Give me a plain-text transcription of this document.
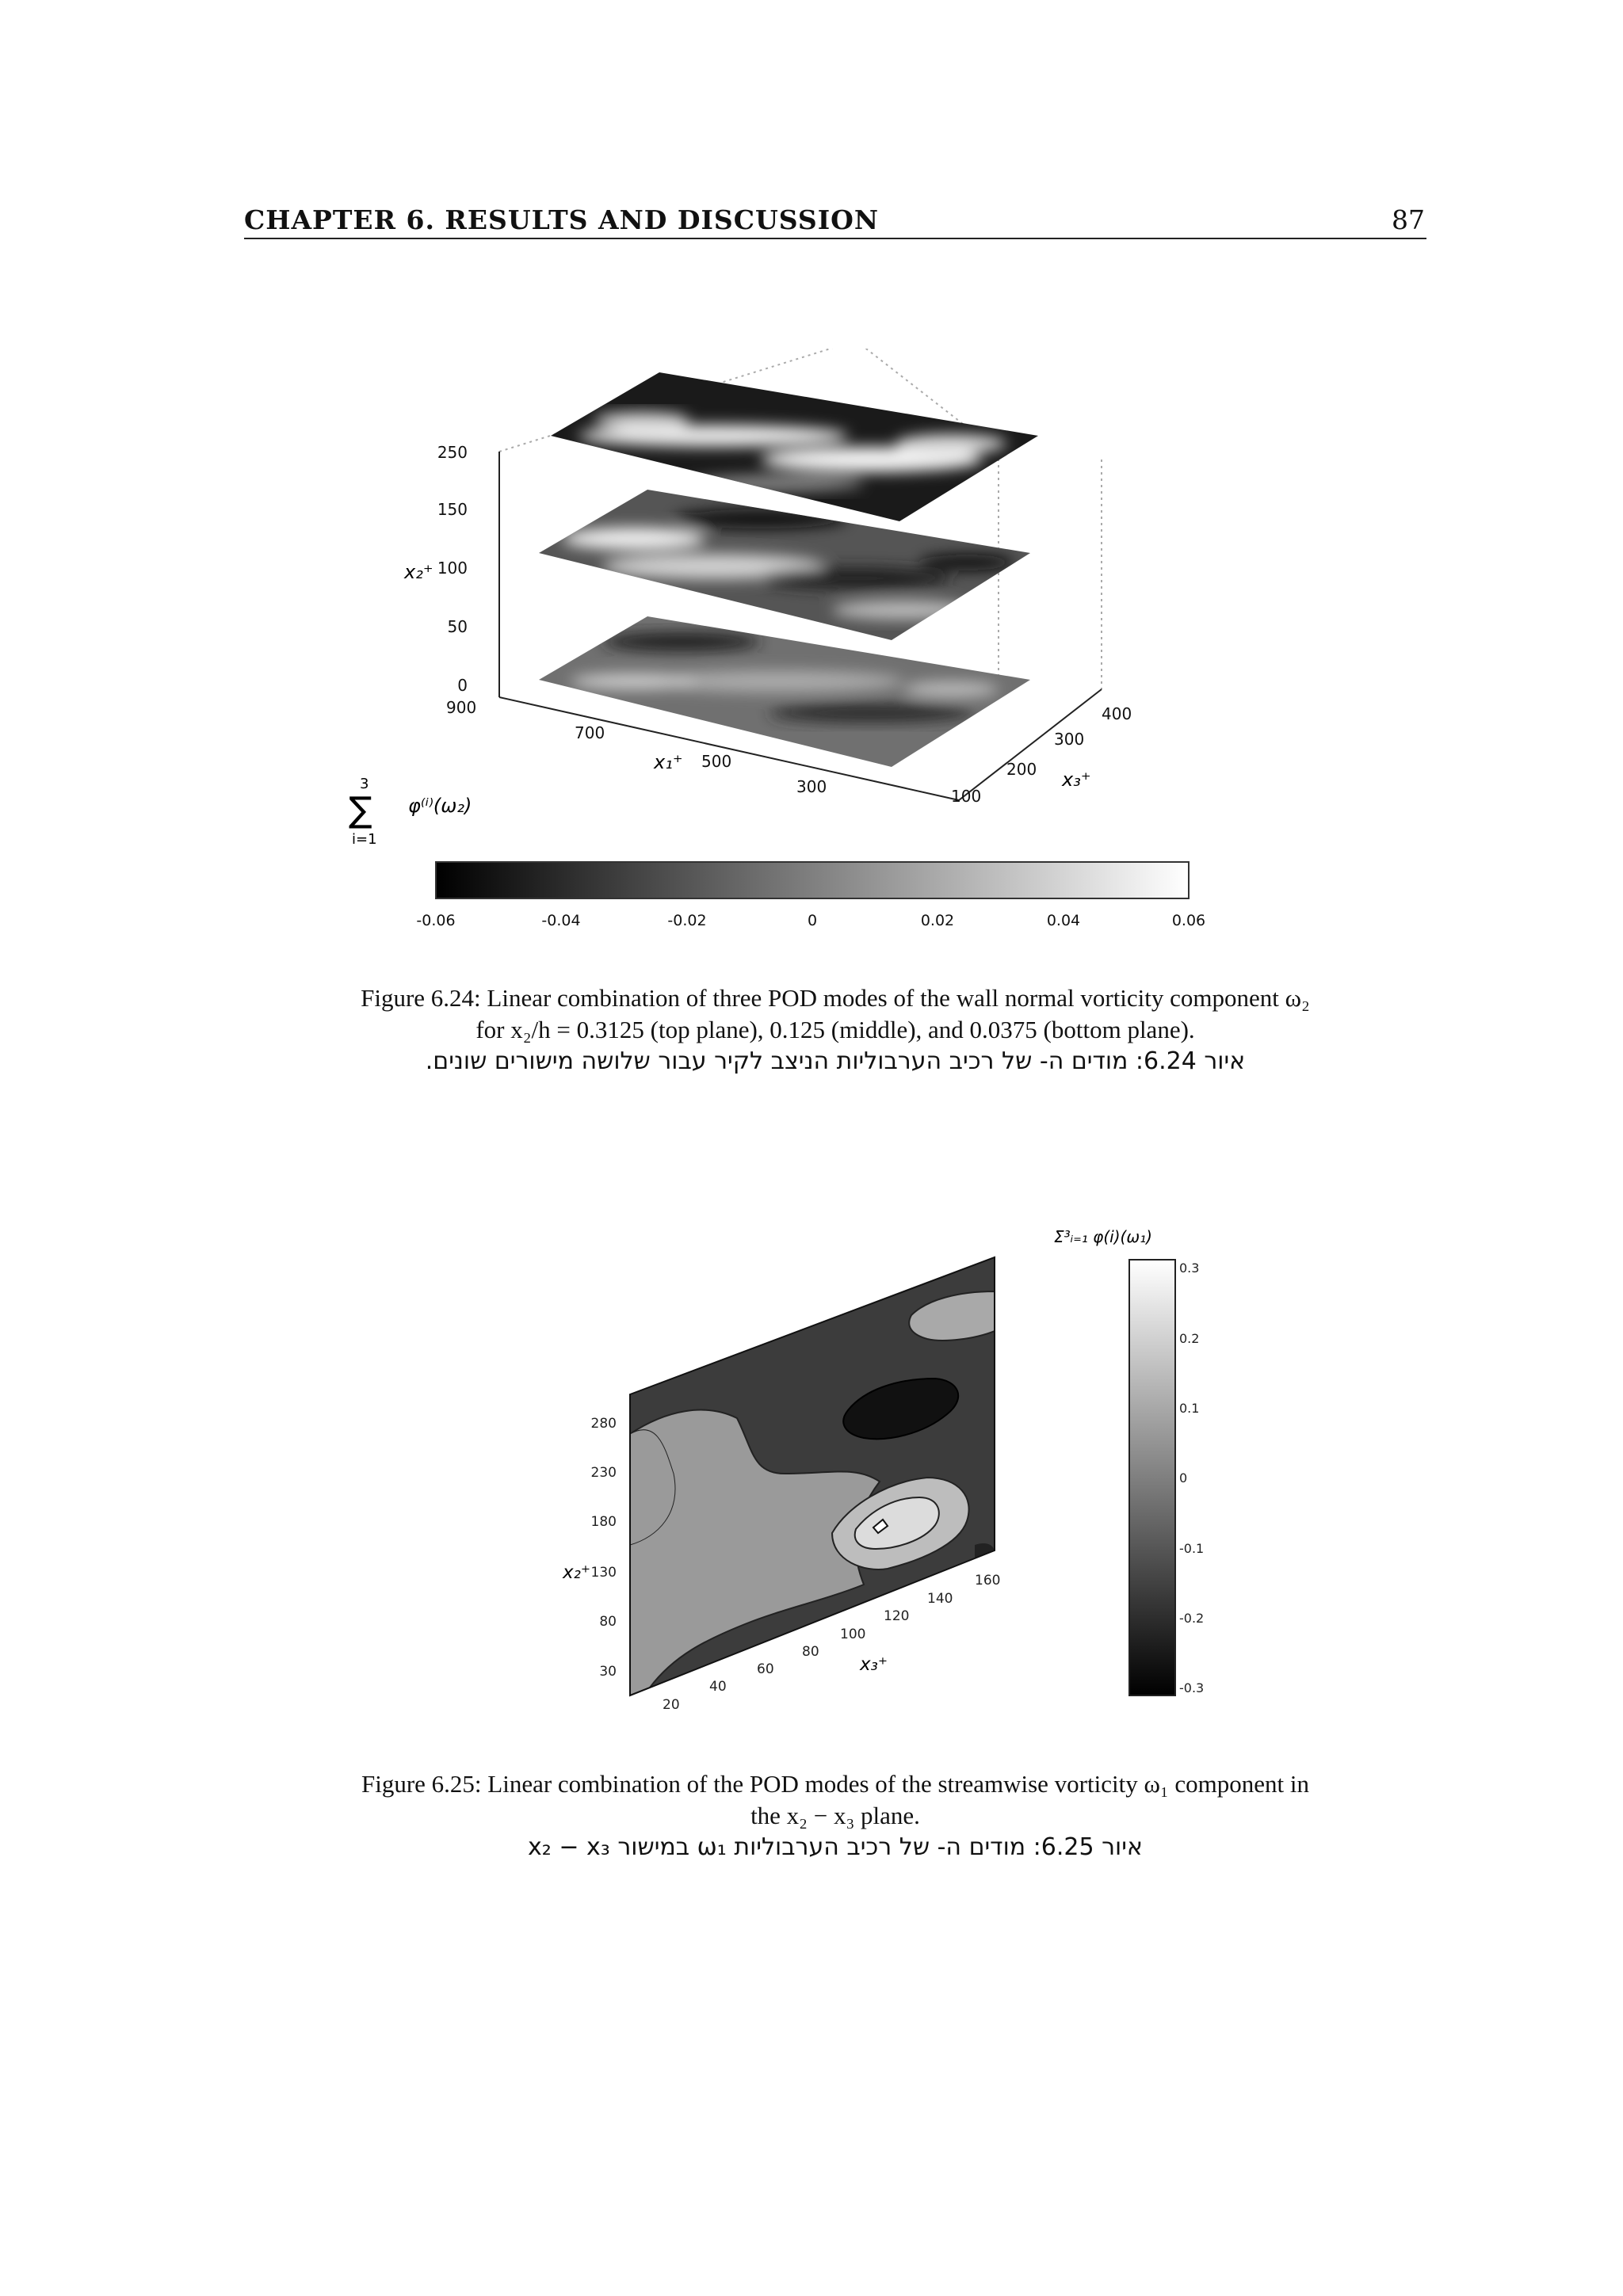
CHAPTER 6. RESULTS AND DISCUSSION	87
250
150
100
50
0
x₂⁺
900
700
500
300
x₁⁺
100
200
300
400
x₃⁺
3
∑
i=1
φ⁽ⁱ⁾(ω₂)
-0.06	-0.04	-0.02	0	0.02	0.04	0.06
Figure 6.24: Linear combination of three POD modes of the wall normal vorticity component ω₂
for x₂/h = 0.3125 (top plane), 0.125 (middle), and 0.0375 (bottom plane).
איור 6.24: מודים ה- של רכיב הערבוליות הניצב לקיר עבור שלושה מישורים שונים.
30
80
130
180
230
280
x₂⁺
20
40
60
80
100
120
140
160
x₃⁺
Σ³ᵢ₌₁ φ(i)(ω₁)
0.3
0.2
0.1
0
-0.1
-0.2
-0.3
Figure 6.25: Linear combination of the POD modes of the streamwise vorticity ω₁ component in
the x₂ − x₃ plane.
איור 6.25: מודים ה- של רכיב הערבוליות ω₁ במישור x₂ − x₃
